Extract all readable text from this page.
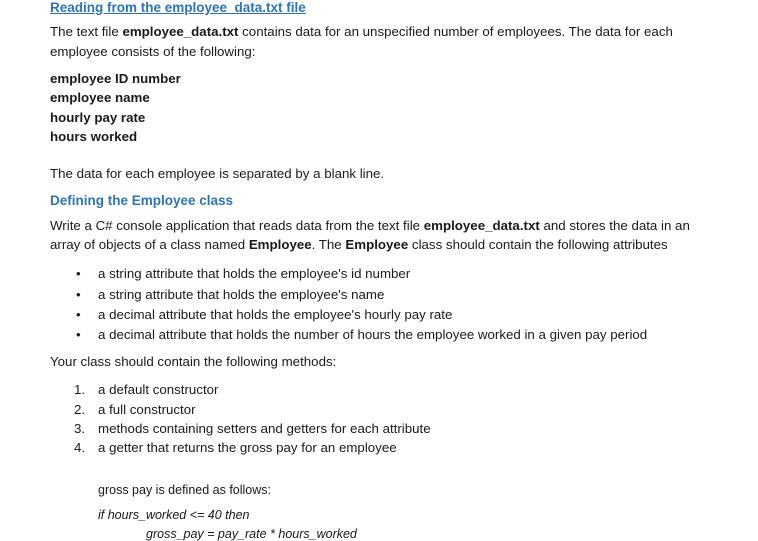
Reading from the employee_data.txt file
The text file employee_data.txt contains data for an unspecified number of employees. The data for each
employee consists of the following:
employee ID number
employee name
hourly pay rate
hours worked
The data for each employee is separated by a blank line.
Defining the Employee class
Write a C# console application that reads data from the text file employee_data.txt and stores the data in an
array of objects of a class named Employee. The Employee class should contain the following attributes
• a string attribute that holds the employee's id number
• a string attribute that holds the employee's name
• a decimal attribute that holds the employee's hourly pay rate
• a decimal attribute that holds the number of hours the employee worked in a given pay period
Your class should contain the following methods:
1. a default constructor
2. a full constructor
3. methods containing setters and getters for each attribute
4. a getter that returns the gross pay for an employee
gross pay is defined as follows:
if hours_worked <= 40 then
gross_pay = pay_rate * hours_worked
